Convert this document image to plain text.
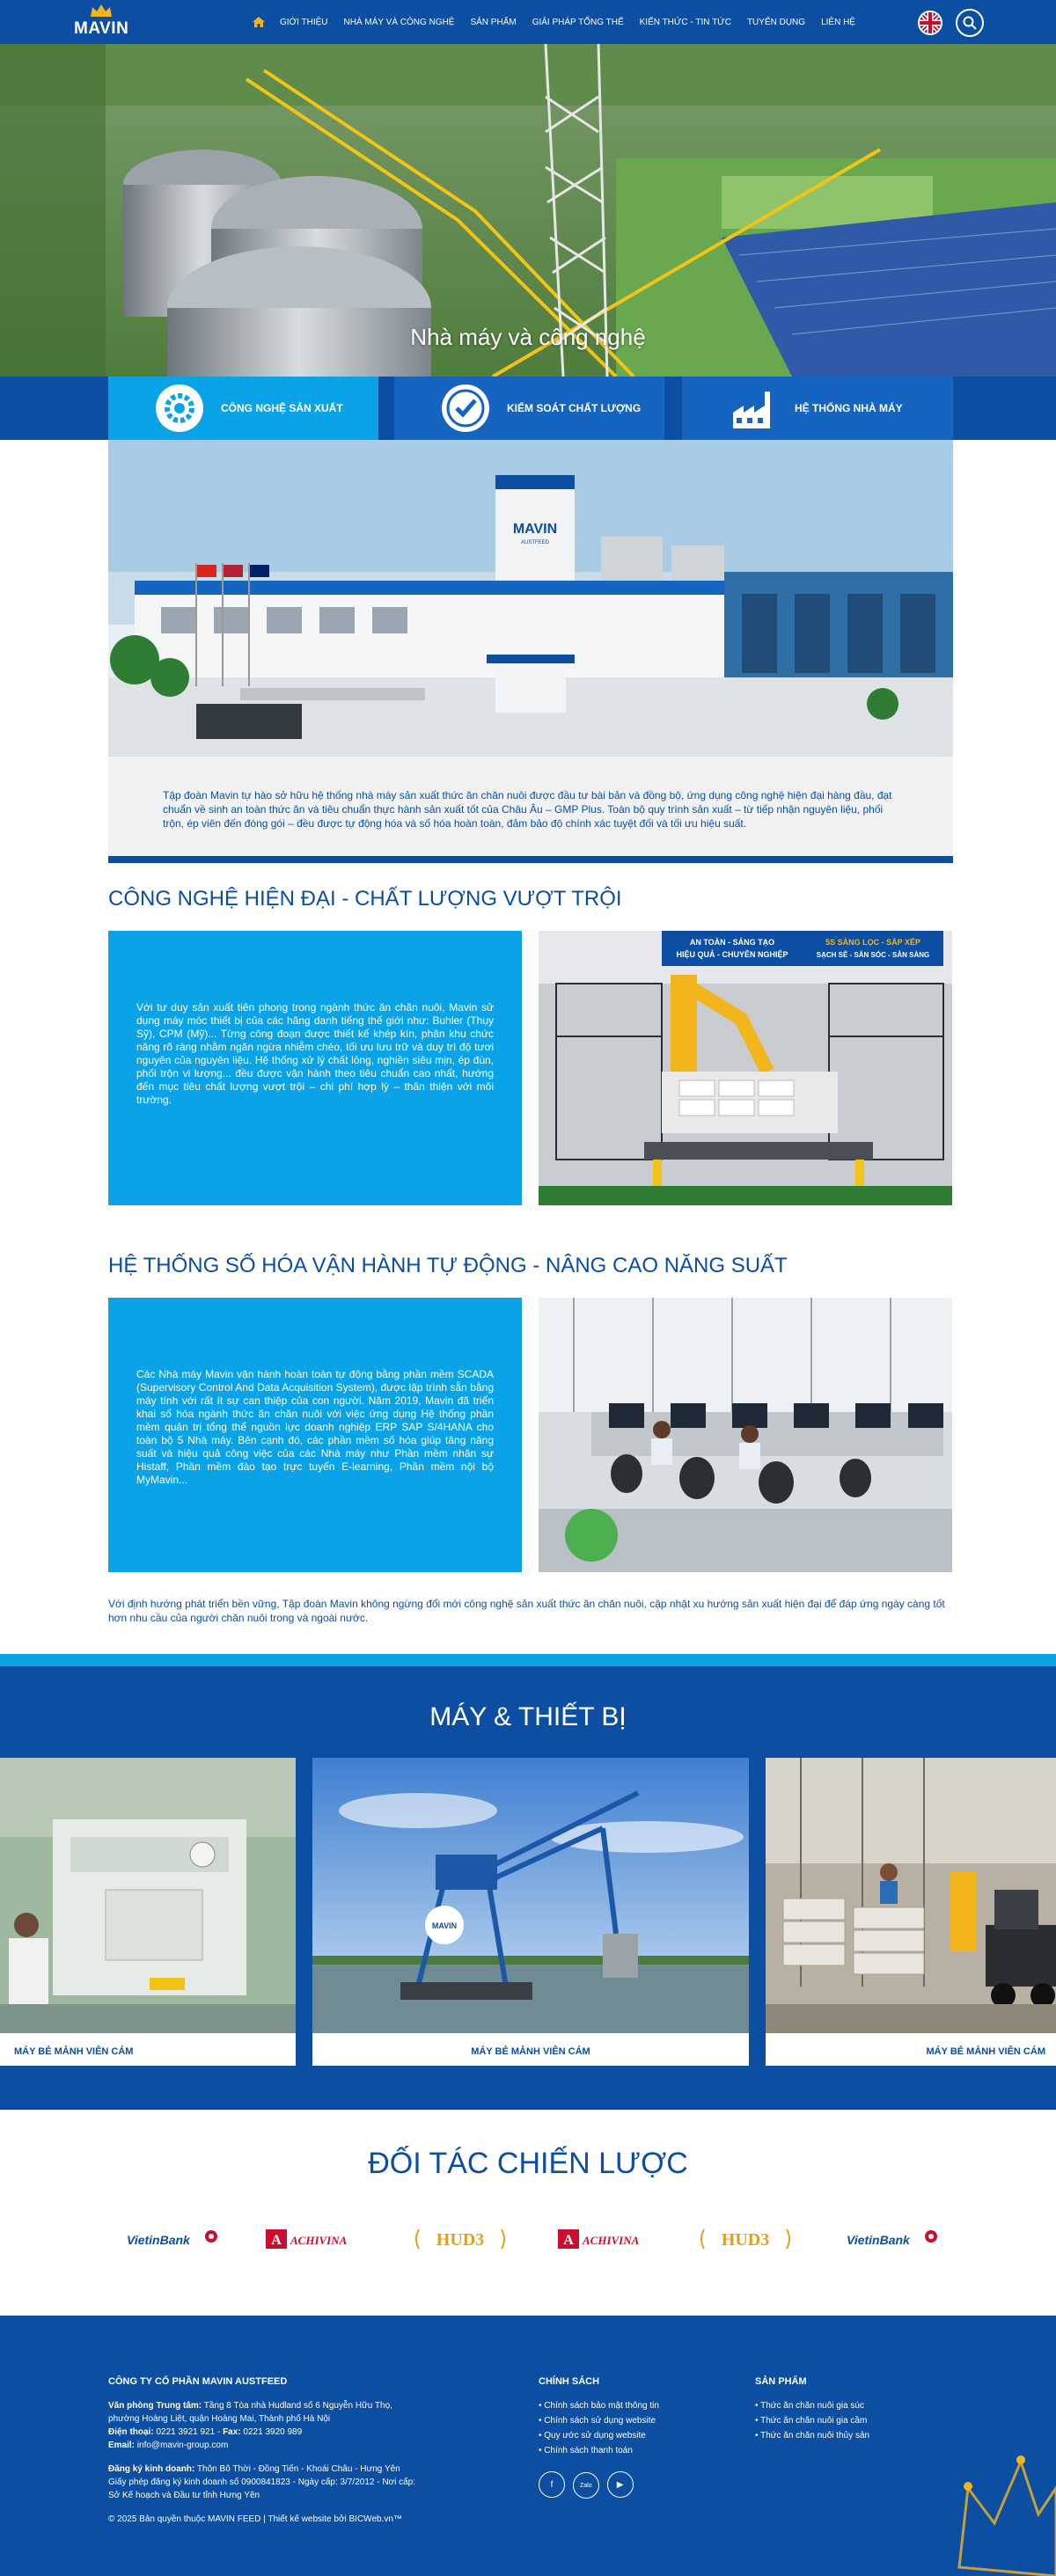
MAVIN	GIỚI THIỆU NHÀ MÁY VÀ CÔNG NGHỆ SẢN PHẨM GIẢI PHÁP TỔNG THỂ KIẾN THỨC - TIN TỨC TUYỂN DỤNG LIÊN HỆ
Nhà máy và công nghệ
CÔNG NGHỆ SẢN XUẤT	KIỂM SOÁT CHẤT LƯỢNG	HỆ THỐNG NHÀ MÁY
MAVIN
AUSTFEED
Tập đoàn Mavin tự hào sở hữu hệ thống nhà máy sản xuất thức ăn chăn nuôi được đầu tư bài bản và đồng bộ, ứng dụng công nghệ hiện đại hàng đầu, đạt chuẩn về sinh an toàn thức ăn và tiêu chuẩn thực hành sản xuất tốt của Châu Âu – GMP Plus. Toàn bộ quy trình sản xuất – từ tiếp nhận nguyên liệu, phối trộn, ép viên đến đóng gói – đều được tự động hóa và số hóa hoàn toàn, đảm bảo độ chính xác tuyệt đối và tối ưu hiệu suất.
CÔNG NGHỆ HIỆN ĐẠI - CHẤT LƯỢNG VƯỢT TRỘI

Với tư duy sản xuất tiên phong trong ngành thức ăn chăn nuôi, Mavin sử dụng máy móc thiết bị của các hãng danh tiếng thế giới như: Buhler (Thụy Sỹ), CPM (Mỹ)... Từng công đoạn được thiết kế khép kín, phân khu chức năng rõ ràng nhằm ngăn ngừa nhiễm chéo, tối ưu lưu trữ và duy trì độ tươi nguyên của nguyên liệu. Hệ thống xử lý chất lỏng, nghiền siêu mịn, ép đùn, phối trộn vi lượng... đều được vận hành theo tiêu chuẩn cao nhất, hướng đến mục tiêu chất lượng vượt trội – chi phí hợp lý – thân thiện với môi trường.

AN TOÀN - SÁNG TẠO
HIỆU QUẢ - CHUYÊN NGHIỆP
5S SÀNG LỌC - SẮP XẾP
SẠCH SẼ - SĂN SÓC - SẴN SÀNG
HỆ THỐNG SỐ HÓA VẬN HÀNH TỰ ĐỘNG - NÂNG CAO NĂNG SUẤT

Các Nhà máy Mavin vận hành hoàn toàn tự động bằng phần mềm SCADA (Supervisory Control And Data Acquisition System), được lập trình sẵn bằng máy tính với rất ít sự can thiệp của con người. Năm 2019, Mavin đã triển khai số hóa ngành thức ăn chăn nuôi với việc ứng dụng Hệ thống phần mềm quản trị tổng thể nguồn lực doanh nghiệp ERP SAP S/4HANA cho toàn bộ 5 Nhà máy. Bên cạnh đó, các phần mềm số hóa giúp tăng năng suất và hiệu quả công việc của các Nhà máy như Phần mềm nhân sự Histaff, Phần mềm đào tạo trực tuyến E-learning, Phần mềm nội bộ MyMavin...

Với định hướng phát triển bền vững, Tập đoàn Mavin không ngừng đổi mới công nghệ sản xuất thức ăn chăn nuôi, cập nhật xu hướng sản xuất hiện đại để đáp ứng ngày càng tốt hơn nhu cầu của người chăn nuôi trong và ngoài nước.
MÁY & THIẾT BỊ
MÁY BẺ MẢNH VIÊN CÁM
MAVIN
MÁY BẺ MẢNH VIÊN CÁM	MÁY BẺ MẢNH VIÊN CÁM
ĐỐI TÁC CHIẾN LƯỢC
VietinBank	A ACHIVINA	HUD3	A ACHIVINA	HUD3	VietinBank
CÔNG TY CỔ PHẦN MAVIN AUSTFEED
Văn phòng Trung tâm: Tầng 8 Tòa nhà Hudland số 6 Nguyễn Hữu Thọ, phường Hoàng Liệt, quận Hoàng Mai, Thành phố Hà Nội
Điện thoại: 0221 3921 921 - Fax: 0221 3920 989
Email: info@mavin-group.com
Đăng ký kinh doanh: Thôn Bô Thời - Đồng Tiến - Khoái Châu - Hưng Yên
Giấy phép đăng ký kinh doanh số 0900841823 - Ngày cấp: 3/7/2012 - Nơi cấp: Sở Kế hoạch và Đầu tư tỉnh Hưng Yên
© 2025 Bản quyền thuộc MAVIN FEED | Thiết kế website bởi BICWeb.vn™
CHÍNH SÁCH
• Chính sách bảo mật thông tin
• Chính sách sử dụng website
• Quy ước sử dụng website
• Chính sách thanh toán
f	Zalo	▶
SẢN PHẨM
• Thức ăn chăn nuôi gia súc
• Thức ăn chăn nuôi gia cầm
• Thức ăn chăn nuôi thủy sản
